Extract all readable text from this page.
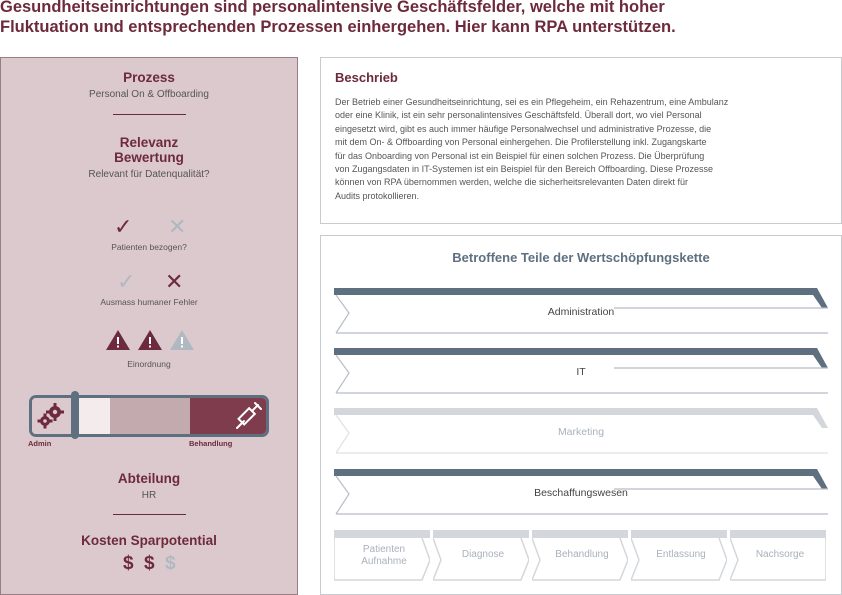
Gesundheitseinrichtungen sind personalintensive Geschäftsfelder, welche mit hoher
Fluktuation und entsprechenden Prozessen einhergehen. Hier kann RPA unterstützen.
Prozess
Personal On & Offboarding
Relevanz
Bewertung
Relevant für Datenqualität?
✓ ✕
Patienten bezogen?
✓ ✕
Ausmass humaner Fehler
Einordnung
Admin	Behandlung
Abteilung
HR
Kosten Sparpotential
$ $ $
Beschrieb

Der Betrieb einer Gesundheitseinrichtung, sei es ein Pflegeheim, ein Rehazentrum, eine Ambulanz
oder eine Klinik, ist ein sehr personalintensives Geschäftsfeld. Überall dort, wo viel Personal
eingesetzt wird, gibt es auch immer häufige Personalwechsel und administrative Prozesse, die
mit dem On- & Offboarding von Personal einhergehen. Die Profilerstellung inkl. Zugangskarte
für das Onboarding von Personal ist ein Beispiel für einen solchen Prozess. Die Überprüfung
von Zugangsdaten in IT-Systemen ist ein Beispiel für den Bereich Offboarding. Diese Prozesse
können von RPA übernommen werden, welche die sicherheitsrelevanten Daten direkt für
Audits protokollieren.

Betroffene Teile der Wertschöpfungskette
Administration
IT
Marketing
Beschaffungswesen
Patienten
Aufnahme
Diagnose	Behandlung	Entlassung	Nachsorge
